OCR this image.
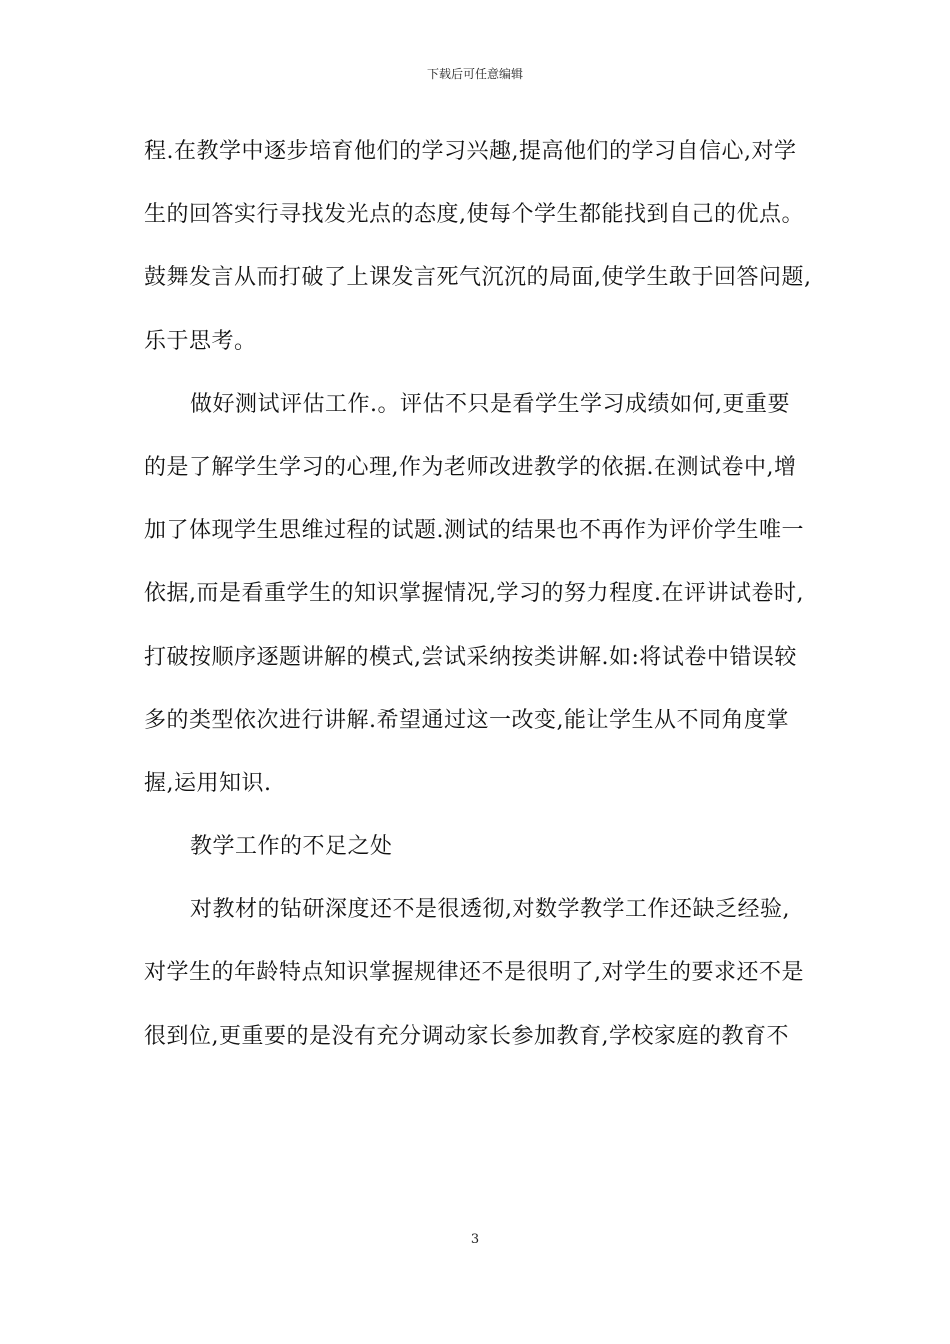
下载后可任意编辑
程.在教学中逐步培育他们的学习兴趣,提高他们的学习自信心,对学
生的回答实行寻找发光点的态度,使每个学生都能找到自己的优点。
鼓舞发言从而打破了上课发言死气沉沉的局面,使学生敢于回答问题,
乐于思考。
做好测试评估工作.。评估不只是看学生学习成绩如何,更重要
的是了解学生学习的心理,作为老师改进教学的依据.在测试卷中,增
加了体现学生思维过程的试题.测试的结果也不再作为评价学生唯一
依据,而是看重学生的知识掌握情况,学习的努力程度.在评讲试卷时,
打破按顺序逐题讲解的模式,尝试采纳按类讲解.如:将试卷中错误较
多的类型依次进行讲解.希望通过这一改变,能让学生从不同角度掌
握,运用知识.
教学工作的不足之处
对教材的钻研深度还不是很透彻,对数学教学工作还缺乏经验,
对学生的年龄特点知识掌握规律还不是很明了,对学生的要求还不是
很到位,更重要的是没有充分调动家长参加教育,学校家庭的教育不
3
